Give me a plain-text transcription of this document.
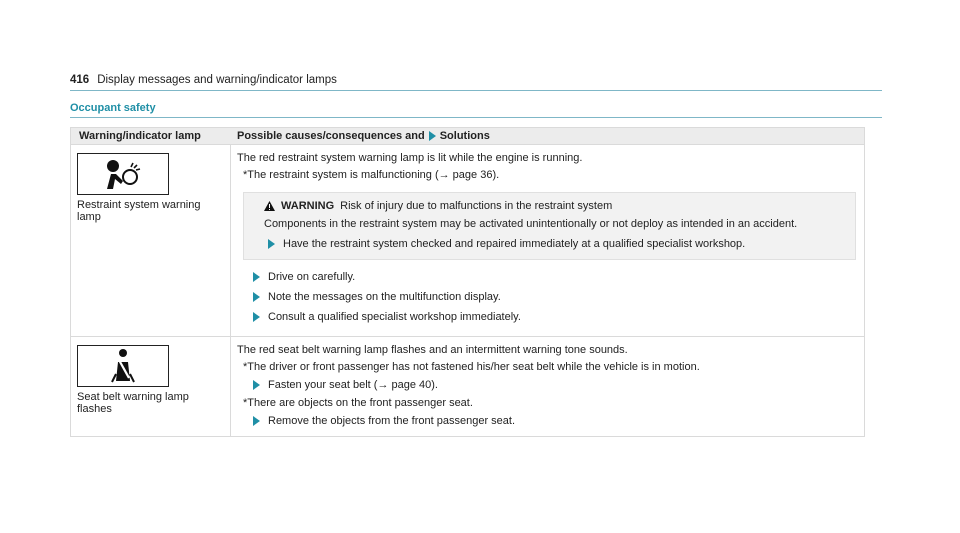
416 Display messages and warning/indicator lamps
Occupant safety
Warning/indicator lamp	Possible causes/consequences and Solutions
Restraint system warning lamp
The red restraint system warning lamp is lit while the engine is running.
*The restraint system is malfunctioning (→ page 36).
WARNING Risk of injury due to malfunctions in the restraint system
Components in the restraint system may be activated unintentionally or not deploy as intended in an accident.
Have the restraint system checked and repaired immediately at a qualified specialist workshop.
Drive on carefully.
Note the messages on the multifunction display.
Consult a qualified specialist workshop immediately.
Seat belt warning lamp flashes
The red seat belt warning lamp flashes and an intermittent warning tone sounds.
*The driver or front passenger has not fastened his/her seat belt while the vehicle is in motion.
Fasten your seat belt (→ page 40).
*There are objects on the front passenger seat.
Remove the objects from the front passenger seat.
